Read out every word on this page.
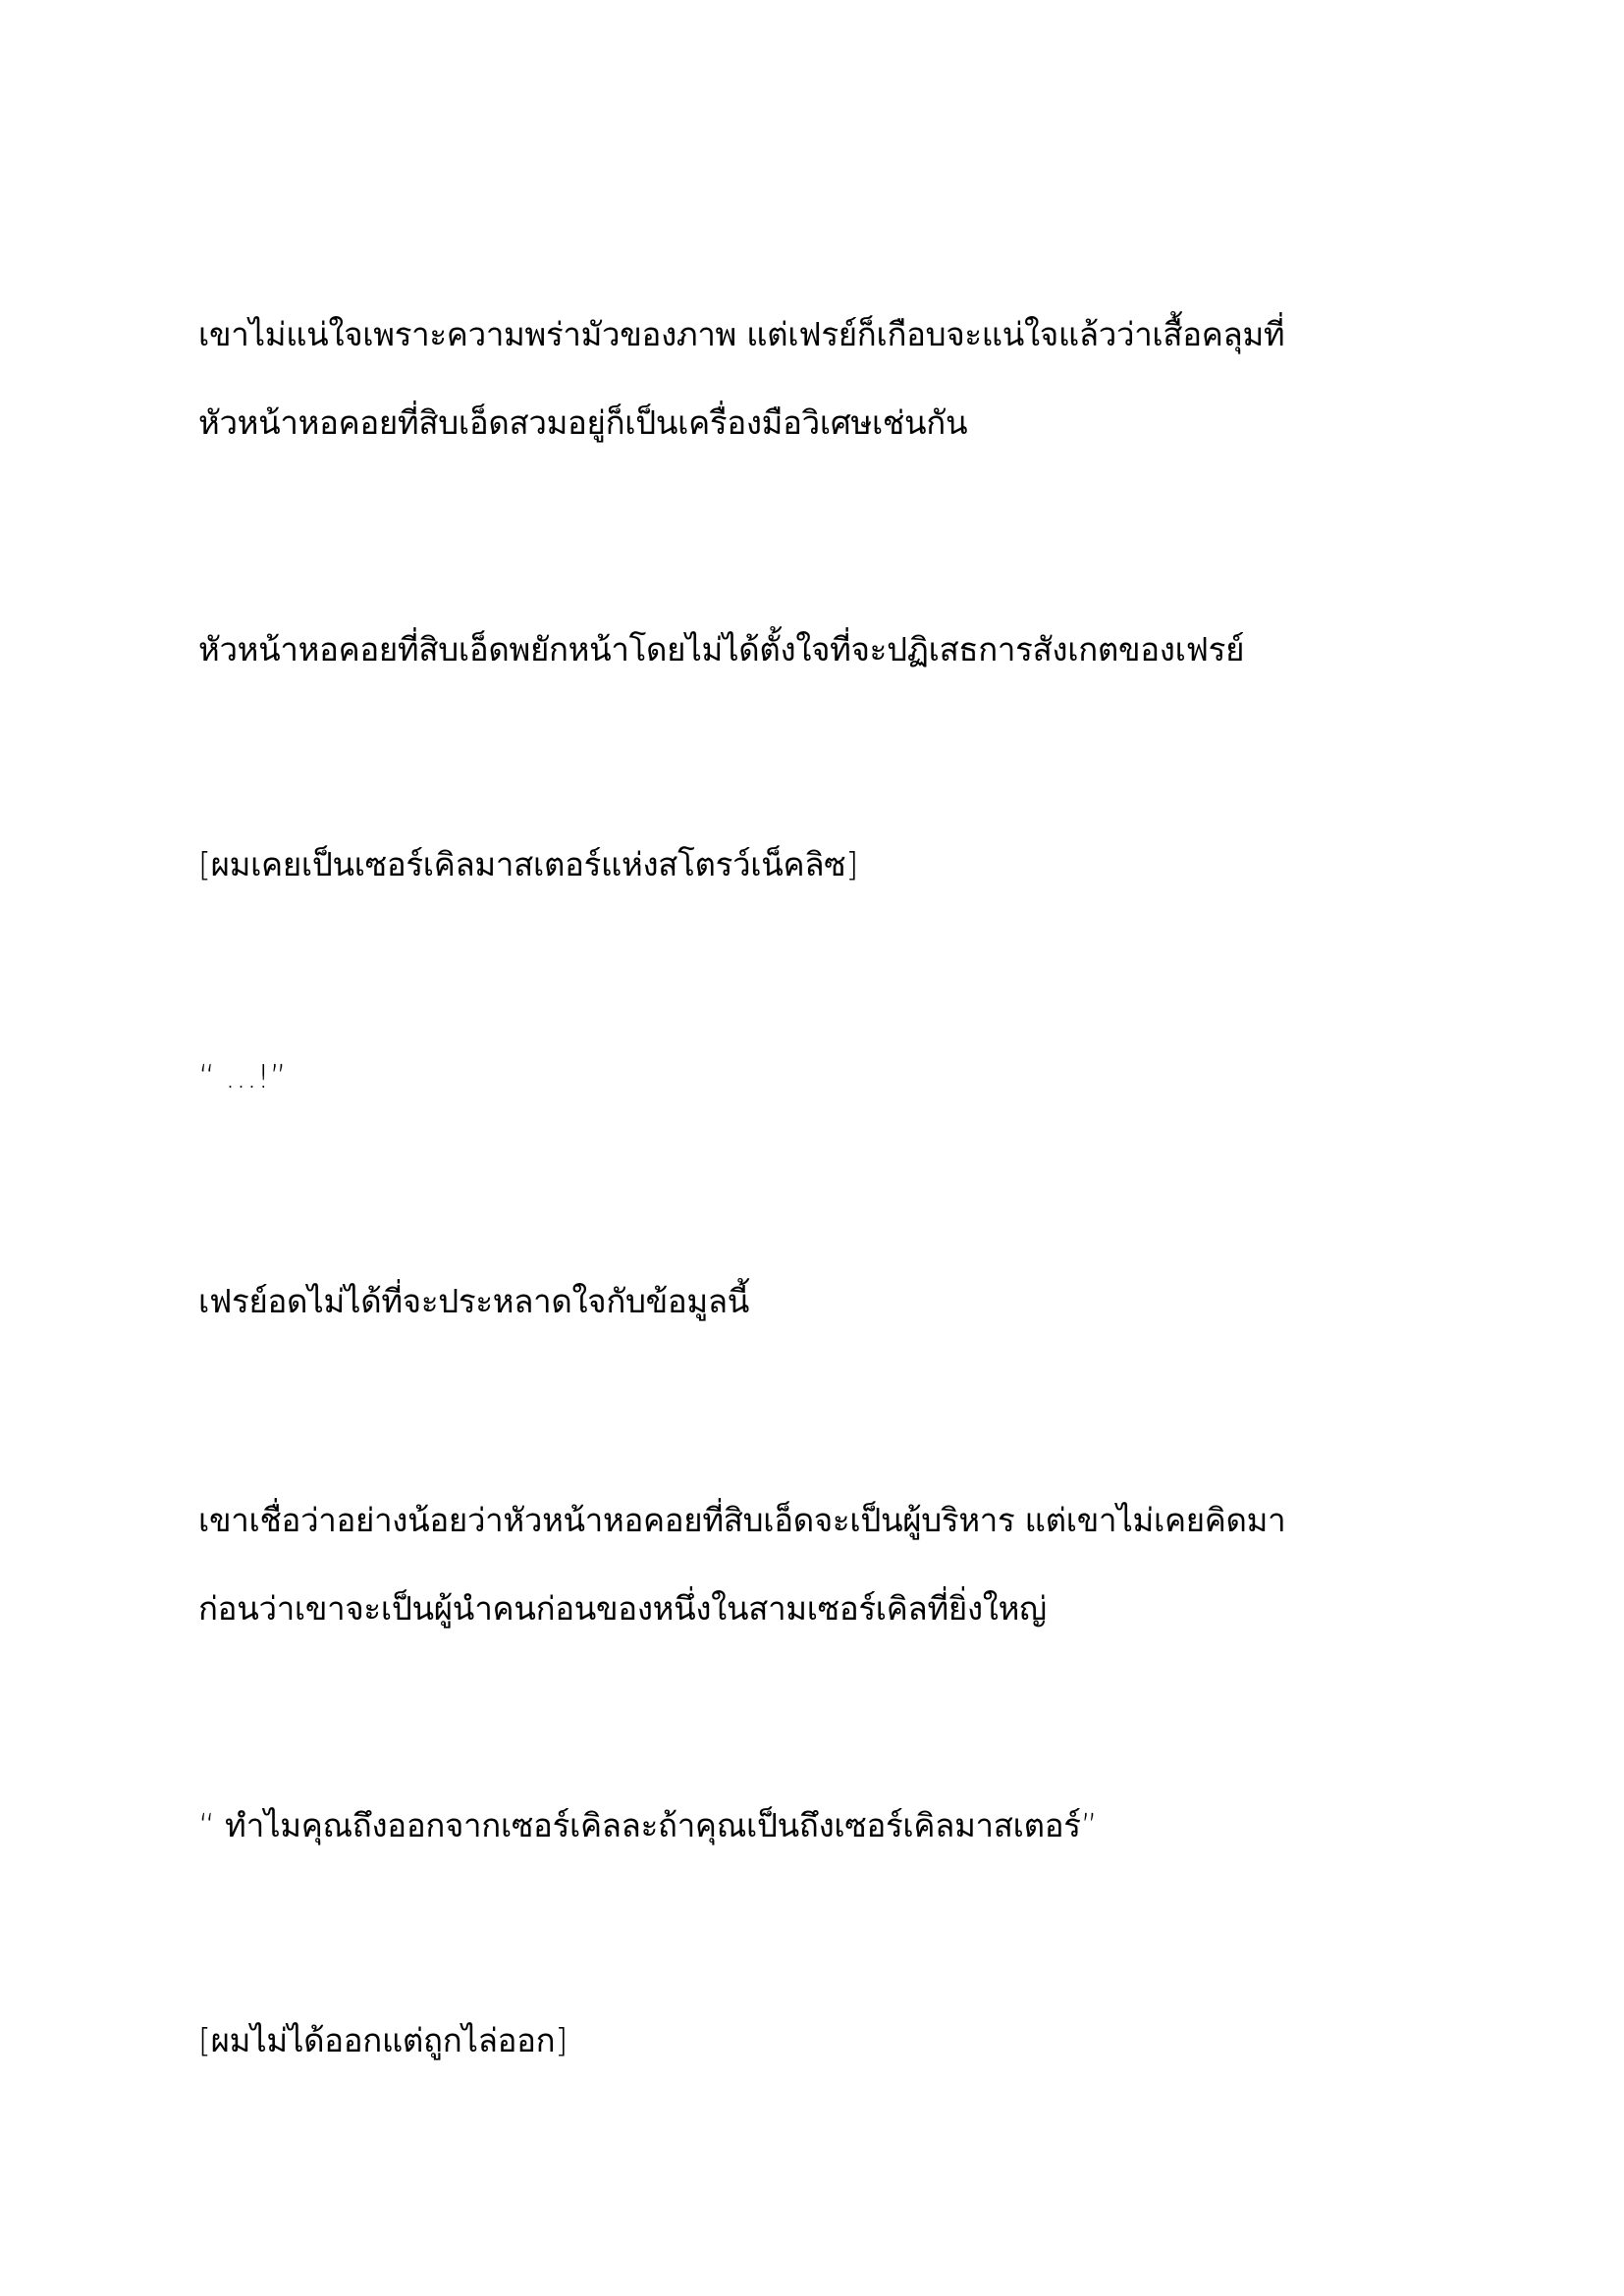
เขาไม่แน่ใจเพราะความพร่ามัวของภาพ แต่เฟรย์ก็เกือบจะแน่ใจแล้วว่าเสื้อคลุมที่
หัวหน้าหอคอยที่สิบเอ็ดสวมอยู่ก็เป็นเครื่องมือวิเศษเช่นกัน

หัวหน้าหอคอยที่สิบเอ็ดพยักหน้าโดยไม่ได้ตั้งใจที่จะปฏิเสธการสังเกตของเฟรย์

[ผมเคยเป็นเซอร์เคิลมาสเตอร์แห่งสโตรว์เน็คลิซ]

“ …!”

เฟรย์อดไม่ได้ที่จะประหลาดใจกับข้อมูลนี้

เขาเชื่อว่าอย่างน้อยว่าหัวหน้าหอคอยที่สิบเอ็ดจะเป็นผู้บริหาร แต่เขาไม่เคยคิดมา
ก่อนว่าเขาจะเป็นผู้นำคนก่อนของหนึ่งในสามเซอร์เคิลที่ยิ่งใหญ่

“ ทำไมคุณถึงออกจากเซอร์เคิลละถ้าคุณเป็นถึงเซอร์เคิลมาสเตอร์”

[ผมไม่ได้ออกแต่ถูกไล่ออก]
